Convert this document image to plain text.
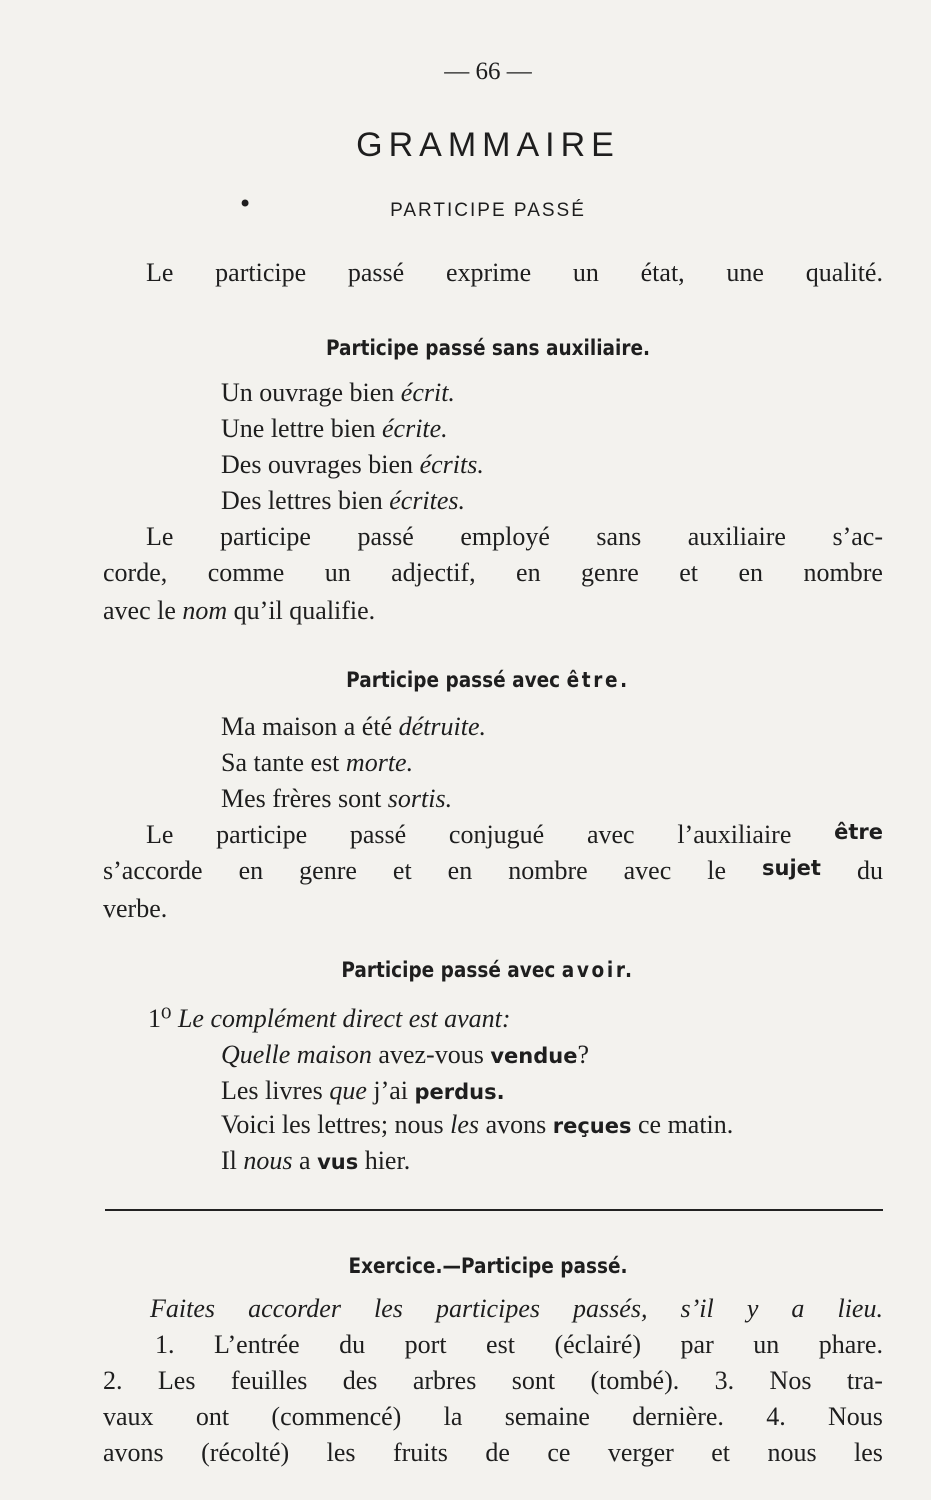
— 66 —
GRAMMAIRE
•	PARTICIPE PASSÉ
Le participe passé exprime un état, une qualité.
Participe passé sans auxiliaire.
Un ouvrage bien écrit.
Une lettre bien écrite.
Des ouvrages bien écrits.
Des lettres bien écrites.
Le participe passé employé sans auxiliaire s’ac-
corde, comme un adjectif, en genre et en nombre
avec le nom qu’il qualifie.
Participe passé avec être.
Ma maison a été détruite.
Sa tante est morte.
Mes frères sont sortis.
Le participe passé conjugué avec l’auxiliaire être
s’accorde en genre et en nombre avec le sujet du
verbe.
Participe passé avec avoir.
1⁰ Le complément direct est avant:
Quelle maison avez-vous vendue?
Les livres que j’ai perdus.
Voici les lettres; nous les avons reçues ce matin.
Il nous a vus hier.
Exercice.—Participe passé.
Faites accorder les participes passés, s’il y a lieu.
1. L’entrée du port est (éclairé) par un phare.
2. Les feuilles des arbres sont (tombé). 3. Nos tra-
vaux ont (commencé) la semaine dernière. 4. Nous
avons (récolté) les fruits de ce verger et nous les
